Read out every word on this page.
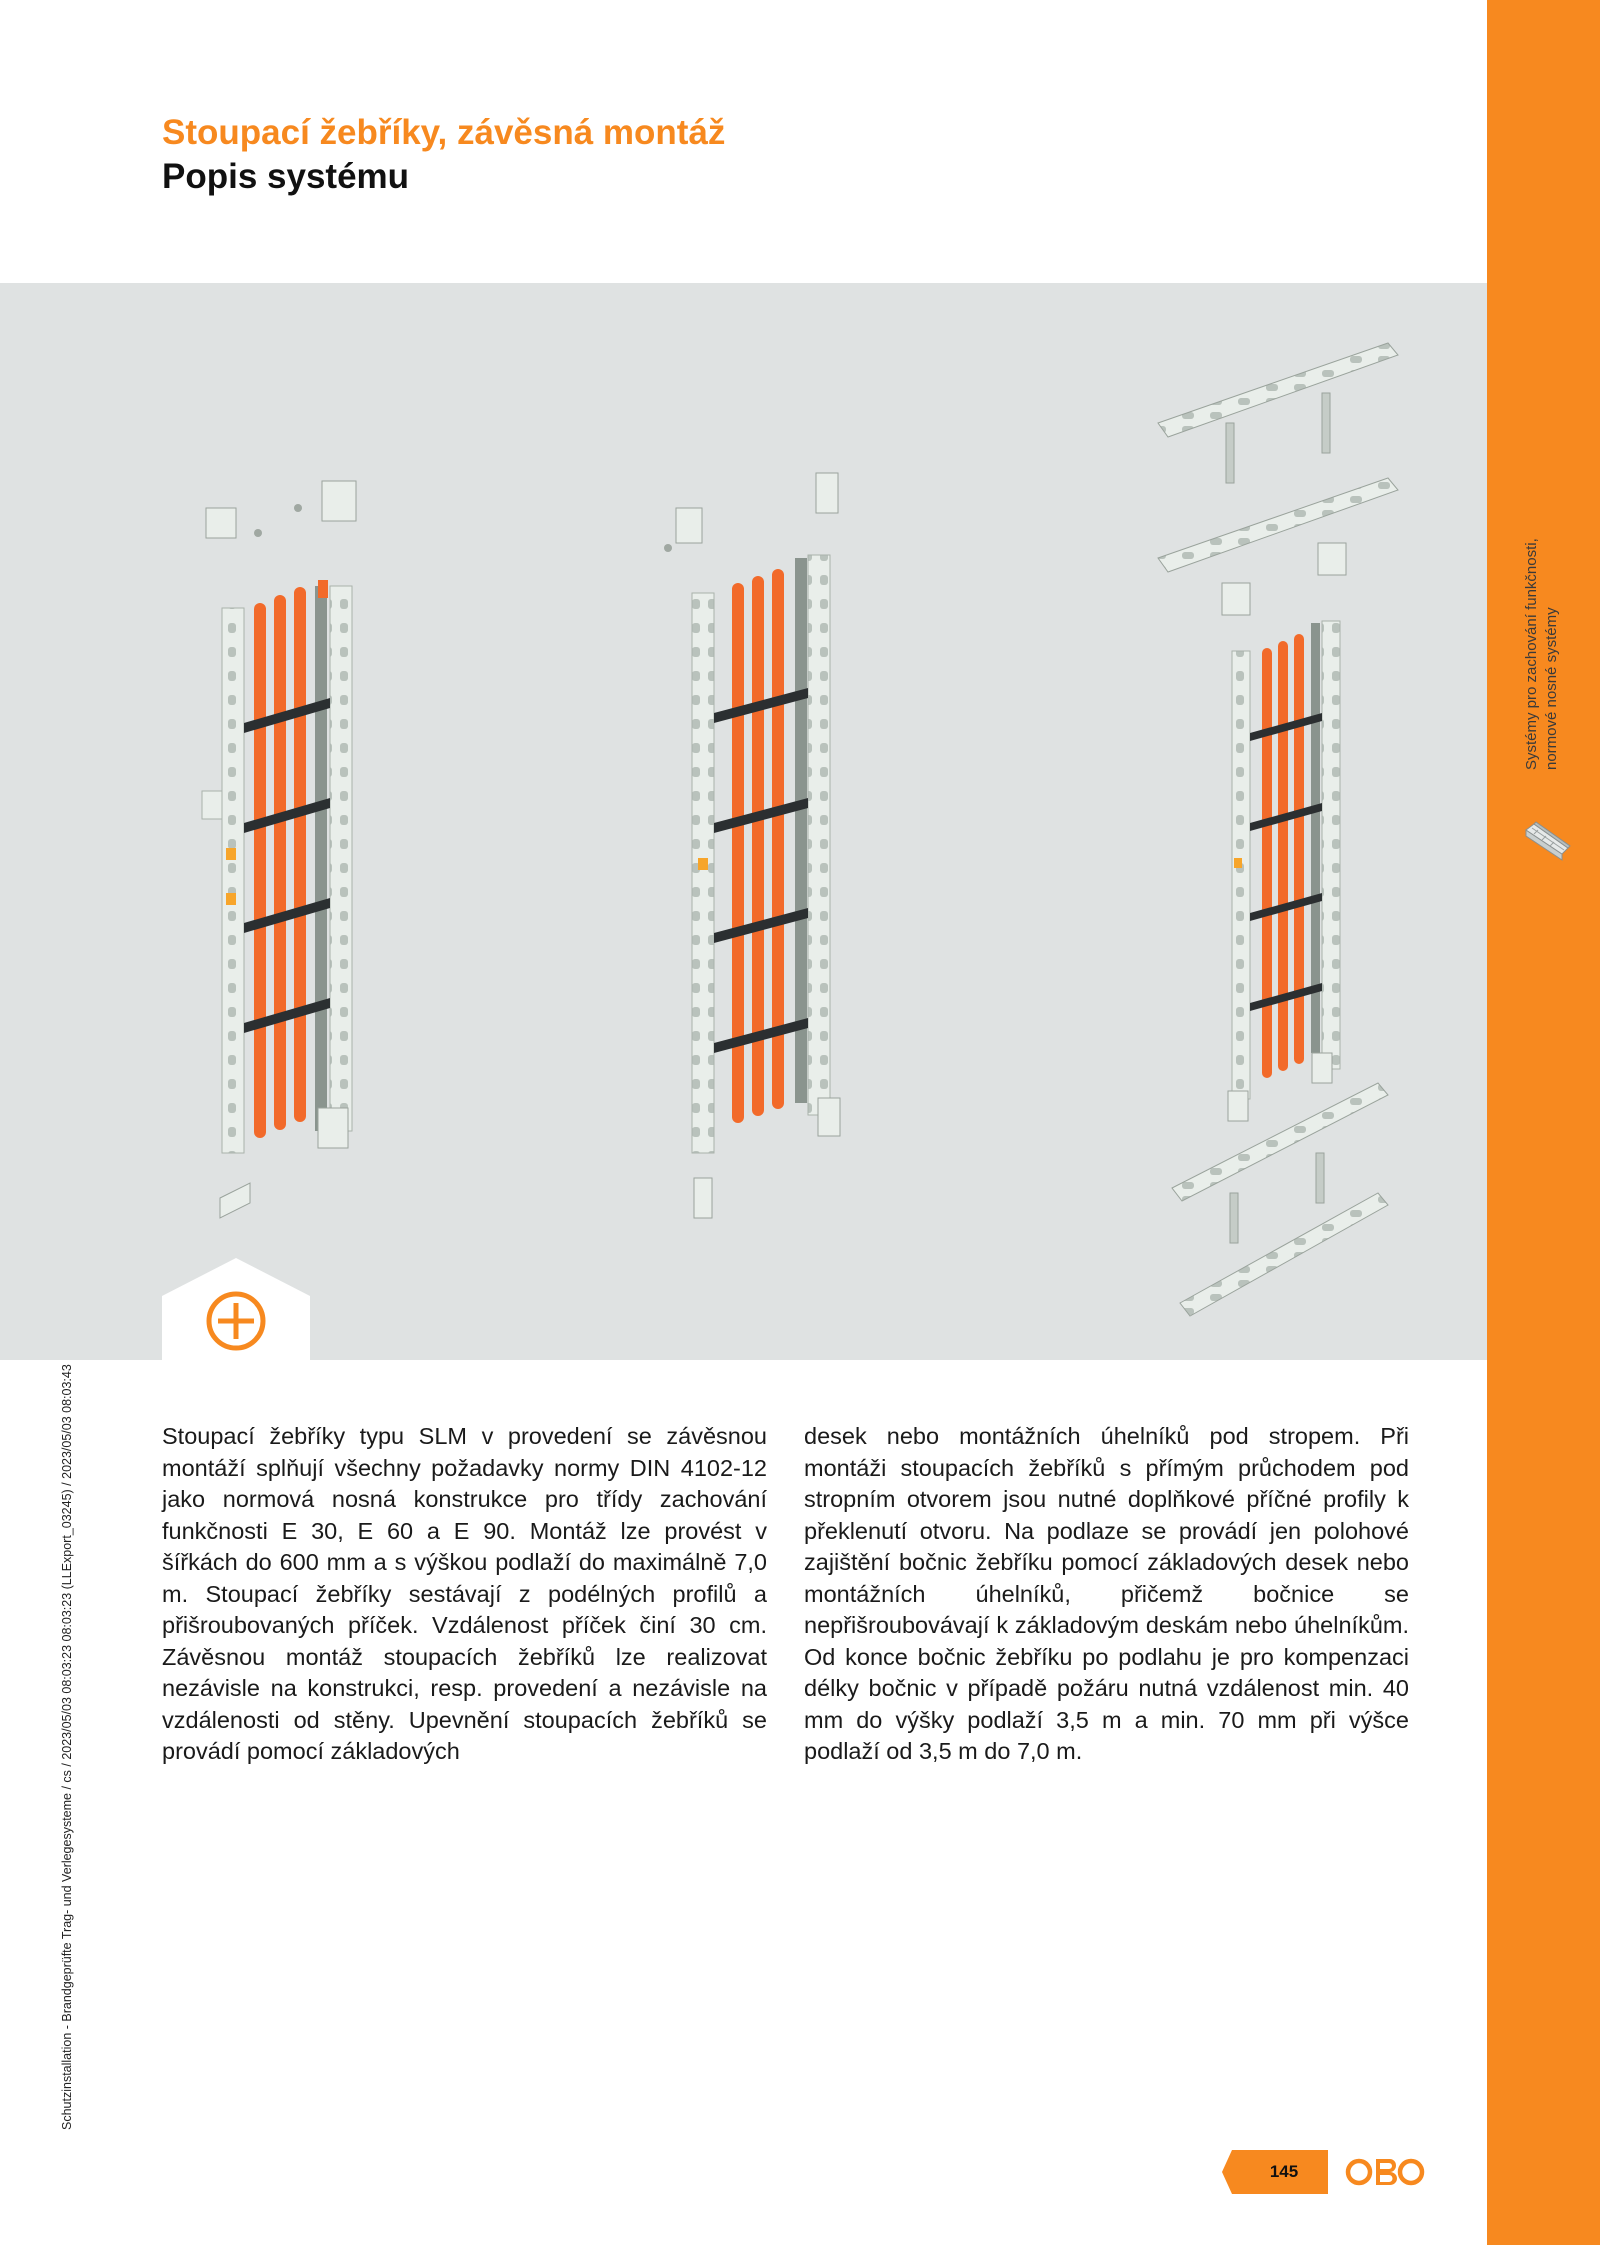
Systémy pro zachování funkčnosti, normové nosné systémy
Schutzinstallation - Brandgeprüfte Trag- und Verlegesysteme / cs / 2023/05/03 08:03:23 08:03:23 (LLExport_03245) / 2023/05/03 08:03:43
Stoupací žebříky, závěsná montáž
Popis systému

Stoupací žebříky typu SLM v provedení se závěsnou montáží splňují všechny požadavky normy DIN 4102-12 jako normová nosná konstrukce pro třídy zachování funkčnosti E 30, E 60 a E 90. Montáž lze provést v šířkách do 600 mm a s výškou podlaží do maximálně 7,0 m. Stoupací žebříky sestávají z podélných profilů a přišroubovaných příček. Vzdálenost příček činí 30 cm. Závěsnou montáž stoupacích žebříků lze realizovat nezávisle na konstrukci, resp. provedení a nezávisle na vzdálenosti od stěny. Upevnění stoupacích žebříků se provádí pomocí základových

desek nebo montážních úhelníků pod stropem. Při montáži stoupacích žebříků s přímým průchodem pod stropním otvorem jsou nutné doplňkové příčné profily k překlenutí otvoru. Na podlaze se provádí jen polohové zajištění bočnic žebříku pomocí základových desek nebo montážních úhelníků, přičemž bočnice se nepřišroubovávají k základovým deskám nebo úhelníkům. Od konce bočnic žebříku po podlahu je pro kompenzaci délky bočnic v případě požáru nutná vzdálenost min. 40 mm do výšky podlaží 3,5 m a min. 70 mm při výšce podlaží od 3,5 m do 7,0 m.

145
